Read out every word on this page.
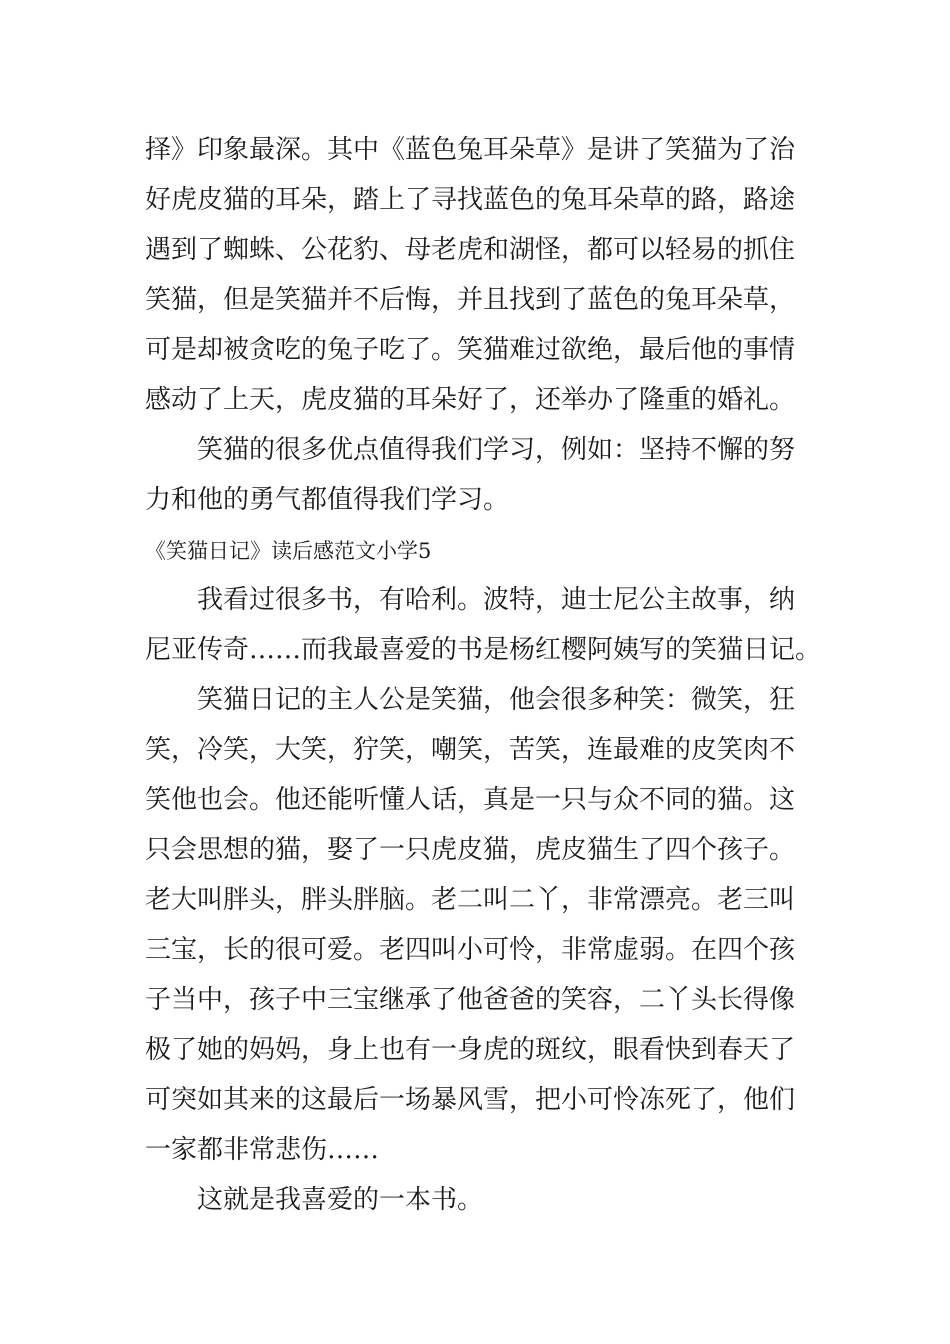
择》印象最深。其中《蓝色兔耳朵草》是讲了笑猫为了治
好虎皮猫的耳朵，踏上了寻找蓝色的兔耳朵草的路，路途
遇到了蜘蛛、公花豹、母老虎和湖怪，都可以轻易的抓住
笑猫，但是笑猫并不后悔，并且找到了蓝色的兔耳朵草，
可是却被贪吃的兔子吃了。笑猫难过欲绝，最后他的事情
感动了上天，虎皮猫的耳朵好了，还举办了隆重的婚礼。
笑猫的很多优点值得我们学习，例如：坚持不懈的努
力和他的勇气都值得我们学习。
《笑猫日记》读后感范文小学5
我看过很多书，有哈利。波特，迪士尼公主故事，纳
尼亚传奇……而我最喜爱的书是杨红樱阿姨写的笑猫日记。
笑猫日记的主人公是笑猫，他会很多种笑：微笑，狂
笑，冷笑，大笑，狞笑，嘲笑，苦笑，连最难的皮笑肉不
笑他也会。他还能听懂人话，真是一只与众不同的猫。这
只会思想的猫，娶了一只虎皮猫，虎皮猫生了四个孩子。
老大叫胖头，胖头胖脑。老二叫二丫，非常漂亮。老三叫
三宝，长的很可爱。老四叫小可怜，非常虚弱。在四个孩
子当中，孩子中三宝继承了他爸爸的笑容，二丫头长得像
极了她的妈妈，身上也有一身虎的斑纹，眼看快到春天了
可突如其来的这最后一场暴风雪，把小可怜冻死了，他们
一家都非常悲伤……
这就是我喜爱的一本书。
